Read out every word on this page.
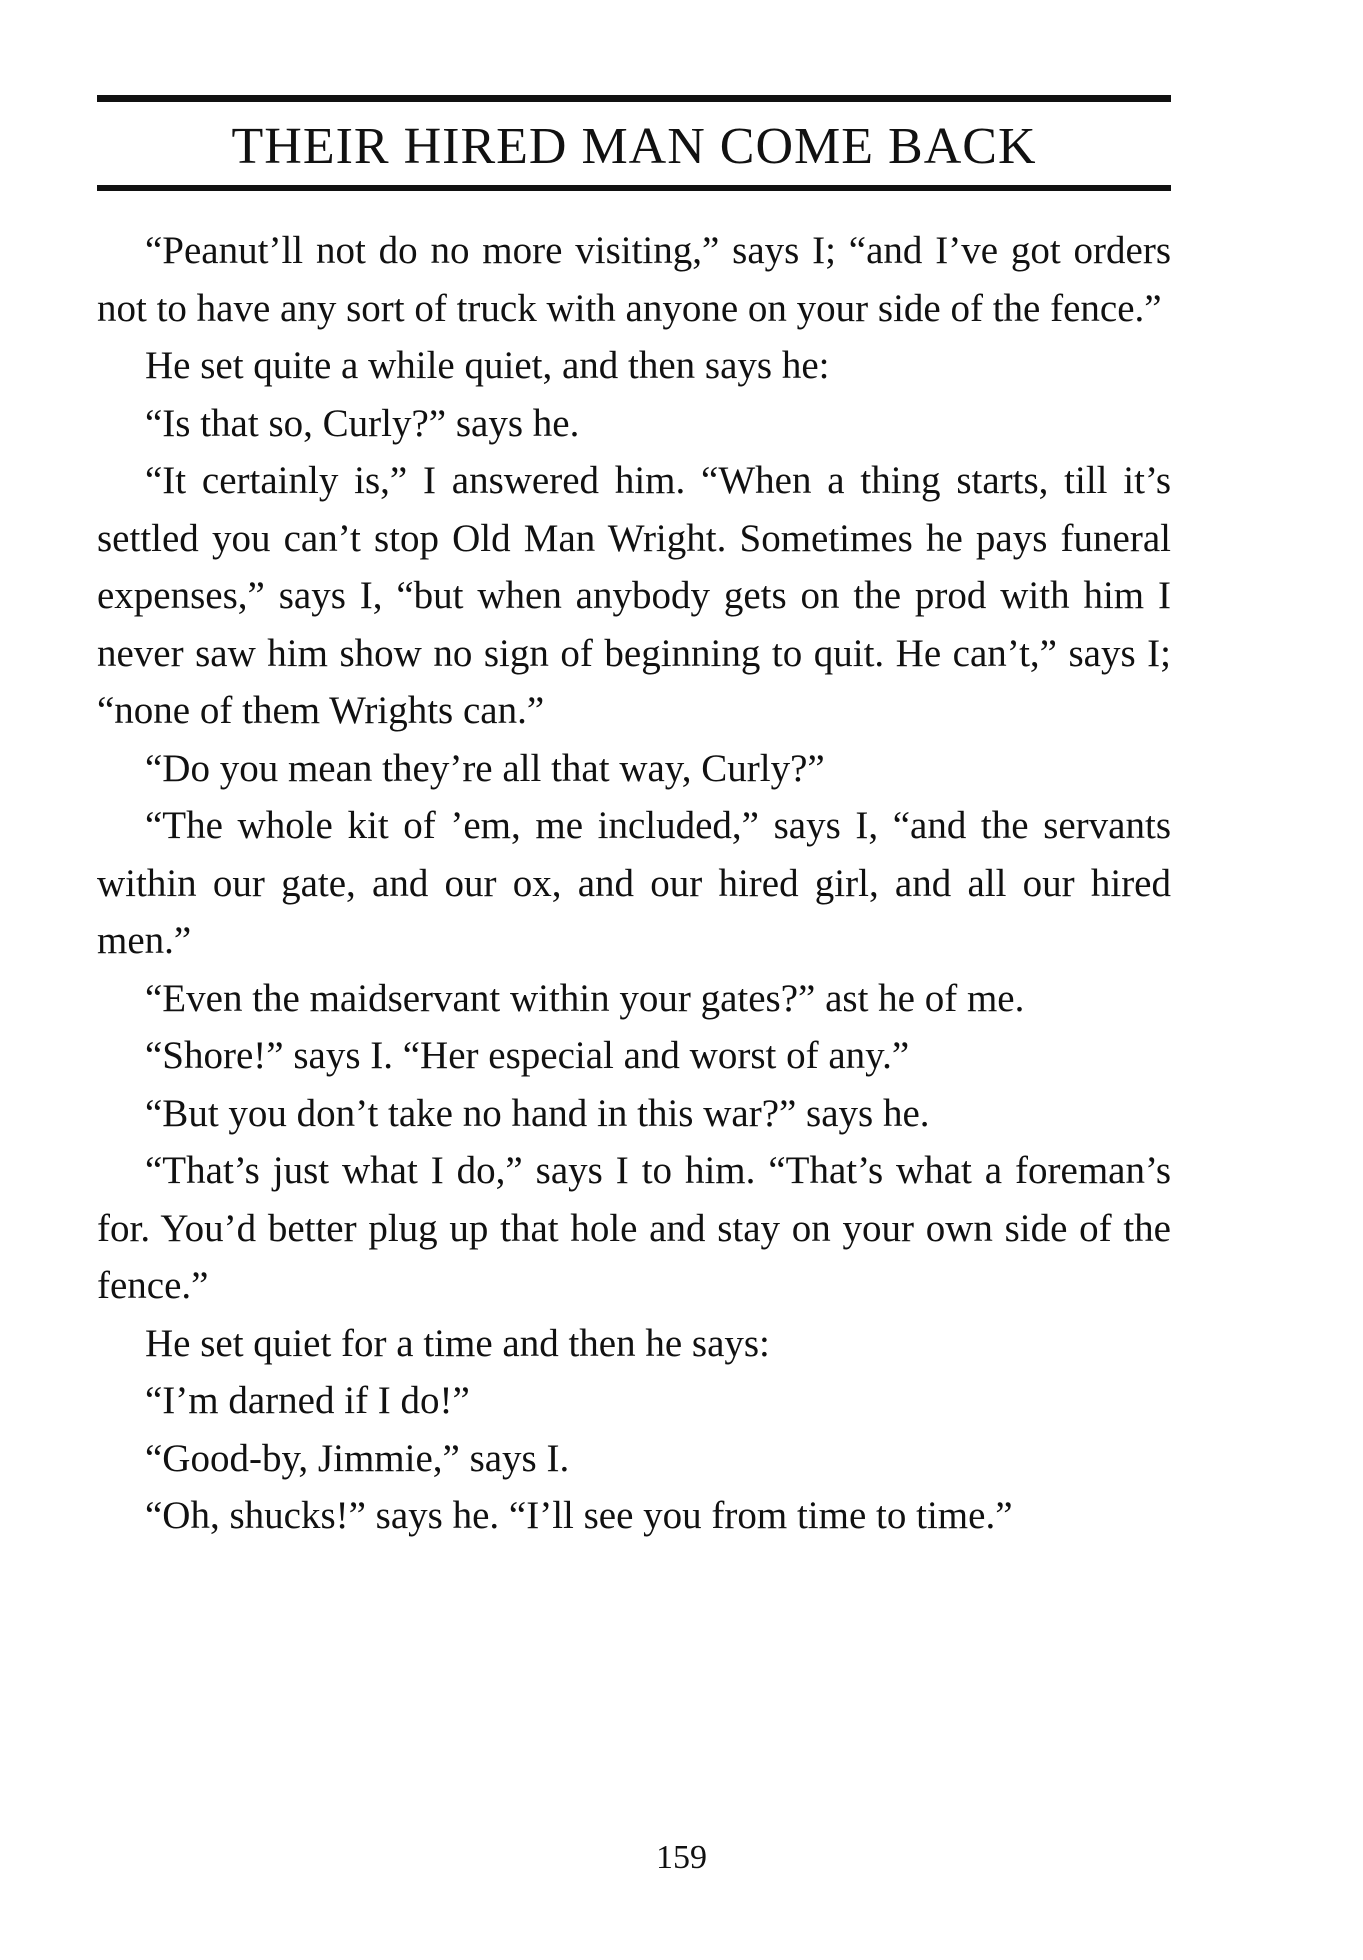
THEIR HIRED MAN COME BACK

“Peanut’ll not do no more visiting,” says I; “and I’ve got orders not to have any sort of truck with anyone on your side of the fence.”

He set quite a while quiet, and then says he:

“Is that so, Curly?” says he.

“It certainly is,” I answered him. “When a thing starts, till it’s settled you can’t stop Old Man Wright. Sometimes he pays funeral expenses,” says I, “but when anybody gets on the prod with him I never saw him show no sign of beginning to quit. He can’t,” says I; “none of them Wrights can.”

“Do you mean they’re all that way, Curly?”

“The whole kit of ’em, me included,” says I, “and the servants within our gate, and our ox, and our hired girl, and all our hired men.”

“Even the maidservant within your gates?” ast he of me.

“Shore!” says I. “Her especial and worst of any.”

“But you don’t take no hand in this war?” says he.

“That’s just what I do,” says I to him. “That’s what a foreman’s for. You’d better plug up that hole and stay on your own side of the fence.”

He set quiet for a time and then he says:

“I’m darned if I do!”

“Good-by, Jimmie,” says I.

“Oh, shucks!” says he. “I’ll see you from time to time.”

159
